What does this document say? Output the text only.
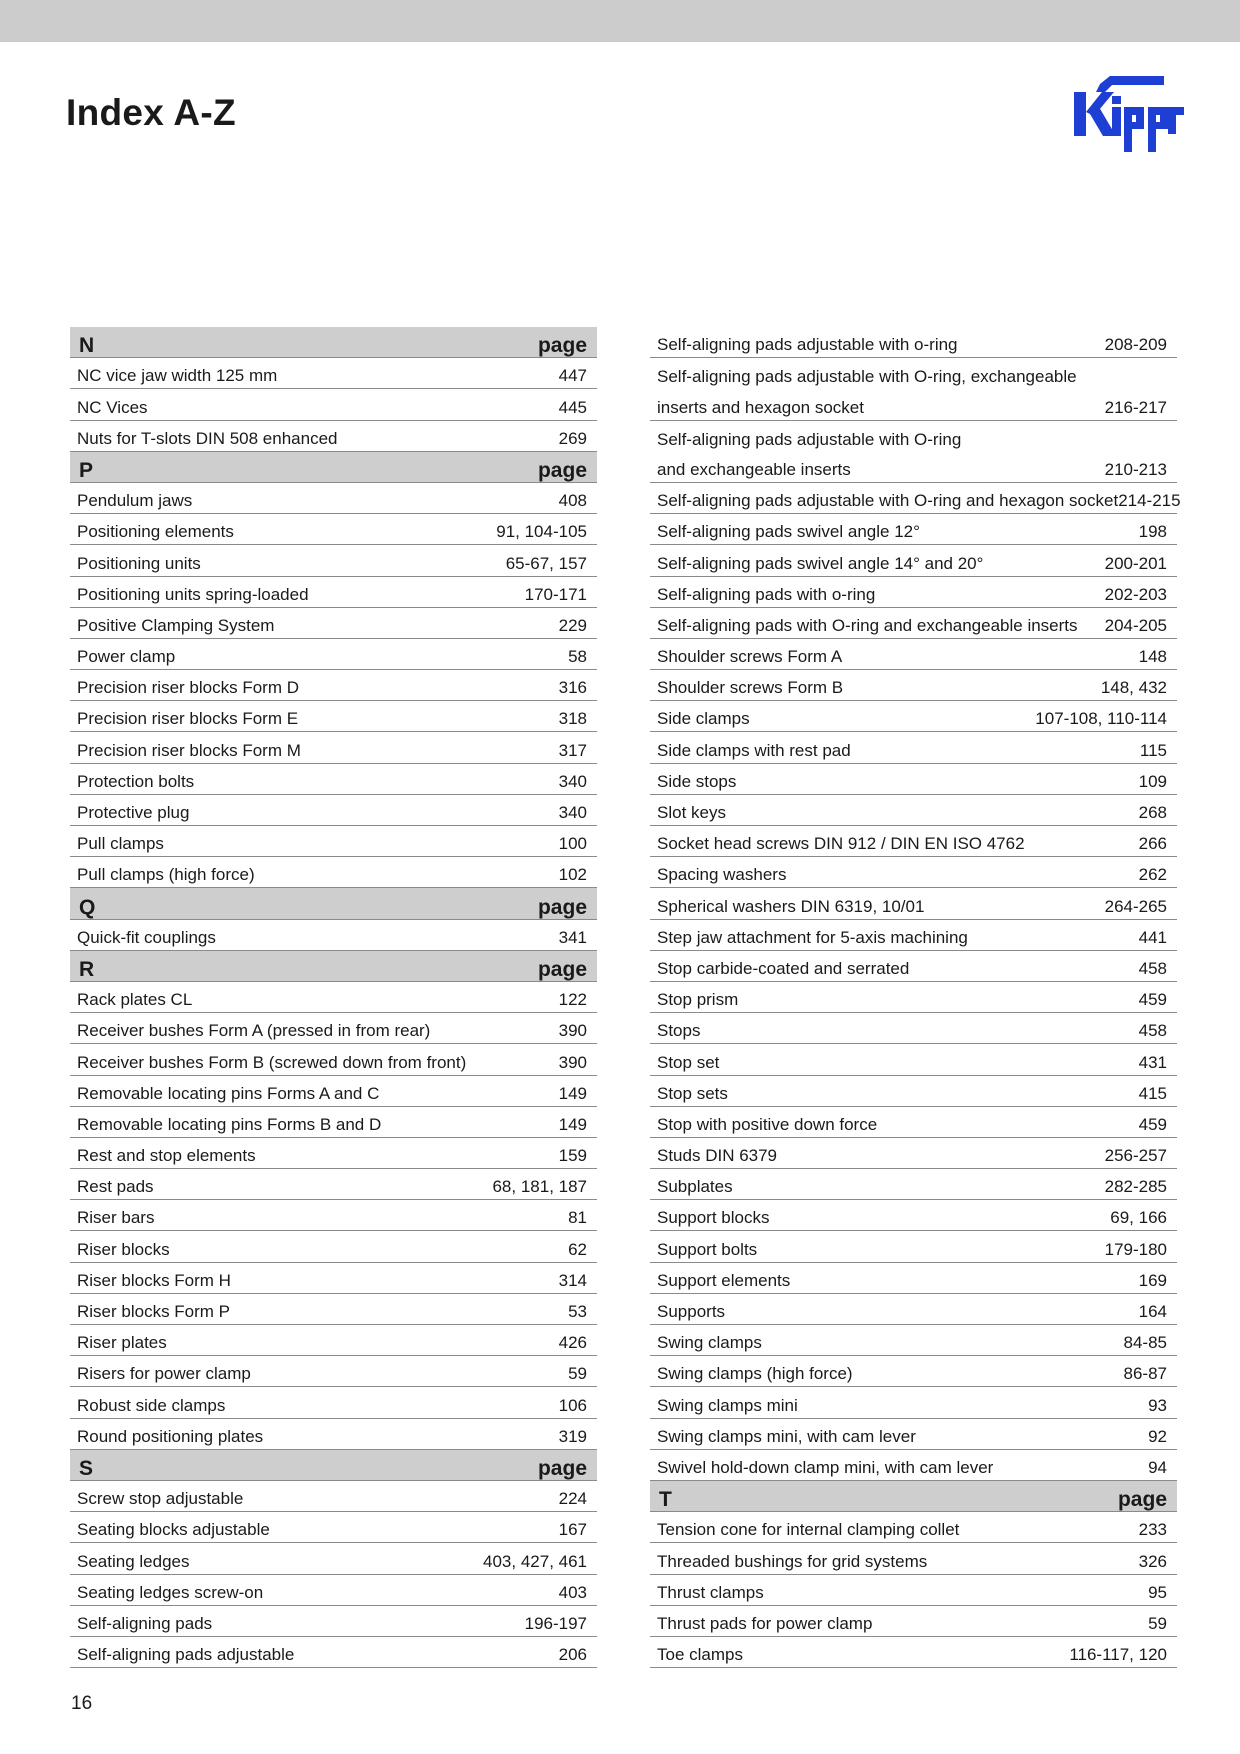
Index A-Z
N	page
NC vice jaw width 125 mm	447
NC Vices	445
Nuts for T-slots DIN 508 enhanced	269
P	page
Pendulum jaws	408
Positioning elements	91, 104-105
Positioning units	65-67, 157
Positioning units spring-loaded	170-171
Positive Clamping System	229
Power clamp	58
Precision riser blocks Form D	316
Precision riser blocks Form E	318
Precision riser blocks Form M	317
Protection bolts	340
Protective plug	340
Pull clamps	100
Pull clamps (high force)	102
Q	page
Quick-fit couplings	341
R	page
Rack plates CL	122
Receiver bushes Form A (pressed in from rear)	390
Receiver bushes Form B (screwed down from front)	390
Removable locating pins Forms A and C	149
Removable locating pins Forms B and D	149
Rest and stop elements	159
Rest pads	68, 181, 187
Riser bars	81
Riser blocks	62
Riser blocks Form H	314
Riser blocks Form P	53
Riser plates	426
Risers for power clamp	59
Robust side clamps	106
Round positioning plates	319
S	page
Screw stop adjustable	224
Seating blocks adjustable	167
Seating ledges	403, 427, 461
Seating ledges screw-on	403
Self-aligning pads	196-197
Self-aligning pads adjustable	206
Self-aligning pads adjustable with o-ring	208-209
Self-aligning pads adjustable with O-ring, exchangeable
inserts and hexagon socket	216-217
Self-aligning pads adjustable with O-ring
and exchangeable inserts	210-213
Self-aligning pads adjustable with O-ring and hexagon socket 214-215
Self-aligning pads swivel angle 12°	198
Self-aligning pads swivel angle 14° and 20°	200-201
Self-aligning pads with o-ring	202-203
Self-aligning pads with O-ring and exchangeable inserts 204-205
Shoulder screws Form A	148
Shoulder screws Form B	148, 432
Side clamps	107-108, 110-114
Side clamps with rest pad	115
Side stops	109
Slot keys	268
Socket head screws DIN 912 / DIN EN ISO 4762	266
Spacing washers	262
Spherical washers DIN 6319, 10/01	264-265
Step jaw attachment for 5-axis machining	441
Stop carbide-coated and serrated	458
Stop prism	459
Stops	458
Stop set	431
Stop sets	415
Stop with positive down force	459
Studs DIN 6379	256-257
Subplates	282-285
Support blocks	69, 166
Support bolts	179-180
Support elements	169
Supports	164
Swing clamps	84-85
Swing clamps (high force)	86-87
Swing clamps mini	93
Swing clamps mini, with cam lever	92
Swivel hold-down clamp mini, with cam lever	94
T	page
Tension cone for internal clamping collet	233
Threaded bushings for grid systems	326
Thrust clamps	95
Thrust pads for power clamp	59
Toe clamps	116-117, 120
16
